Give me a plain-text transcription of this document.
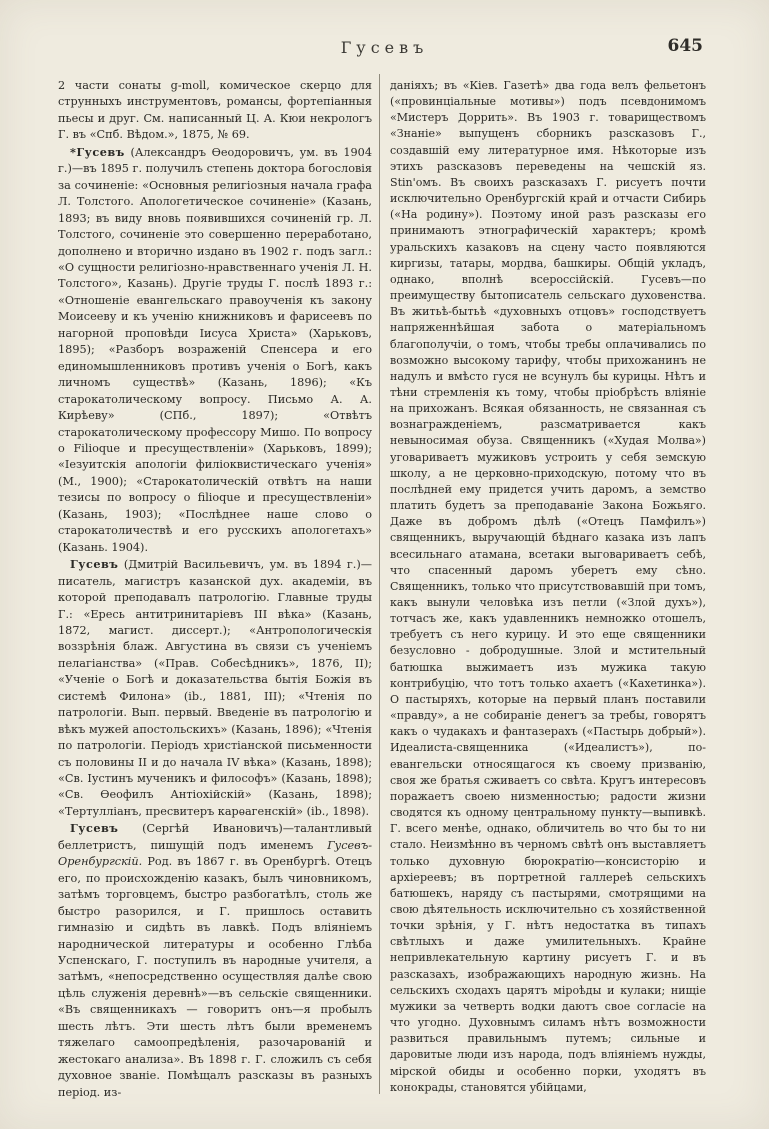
Гусевъ	645

2 части сонаты g-moll, комическое скерцо для струнныхъ инструментовъ, романсы, фортепіанныя пьесы и друг. См. написанный Ц. А. Кюи некрологъ Г. въ «Спб. Вѣдом.», 1875, № 69.

*Гусевъ (Александръ Өеодоровичъ, ум. въ 1904 г.)—въ 1895 г. получилъ степень доктора богословія за сочиненіе: «Основныя религіозныя начала графа Л. Толстого. Апологетическое сочиненіе» (Казань, 1893; въ виду вновь появившихся сочиненій гр. Л. Толстого, сочиненіе это совершенно переработано, дополнено и вторично издано въ 1902 г. подъ загл.: «О сущности религіозно-нравственнаго ученія Л. Н. Толстого», Казань). Другіе труды Г. послѣ 1893 г.: «Отношеніе евангельскаго правоученія къ закону Моисееву и къ ученію книжниковъ и фарисеевъ по нагорной проповѣди Іисуса Христа» (Харьковъ, 1895); «Разборъ возраженій Спенсера и его единомышленниковъ противъ ученія о Богѣ, какъ личномъ существѣ» (Казань, 1896); «Къ старокатолическому вопросу. Письмо А. А. Кирѣеву» (СПб., 1897); «Отвѣтъ старокатолическому профессору Мишо. По вопросу о Filioque и пресуществленіи» (Харьковъ, 1899); «Іезуитскія апологіи филіоквистическаго ученія» (М., 1900); «Старокатолическій отвѣтъ на наши тезисы по вопросу о filioque и пресуществленіи» (Казань, 1903); «Послѣднее наше слово о старокатоличествѣ и его русскихъ апологетахъ» (Казань. 1904).

Гусевъ (Дмитрій Васильевичъ, ум. въ 1894 г.)—писатель, магистръ казанской дух. академіи, въ которой преподавалъ патрологію. Главные труды Г.: «Ересь антитринитаріевъ III вѣка» (Казань, 1872, магист. диссерт.); «Антропологическія воззрѣнія блаж. Августина въ связи съ ученіемъ пелагіанства» («Прав. Собесѣдникъ», 1876, II); «Ученіе о Богѣ и доказательства бытія Божія въ системѣ Филона» (ib., 1881, III); «Чтенія по патрологіи. Вып. первый. Введеніе въ патрологію и вѣкъ мужей апостольскихъ» (Казань, 1896); «Чтенія по патрологіи. Періодъ христіанской письменности съ половины II и до начала IV вѣка» (Казань, 1898); «Св. Іустинъ мученикъ и философъ» (Казань, 1898); «Св. Өеофилъ Антіохійскій» (Казань, 1898); «Тертулліанъ, пресвитеръ карѳагенскій» (ib., 1898).

Гусевъ (Сергѣй Ивановичъ)—талантливый беллетристъ, пишущій подъ именемъ Гусевъ-Оренбургскій. Род. въ 1867 г. въ Оренбургѣ. Отецъ его, по происхожденію казакъ, былъ чиновникомъ, затѣмъ торговцемъ, быстро разбогатѣлъ, столь же быстро разорился, и Г. пришлось оставить гимназію и сидѣть въ лавкѣ. Подъ вліяніемъ народнической литературы и особенно Глѣба Успенскаго, Г. поступилъ въ народные учителя, а затѣмъ, «непосредственно осуществляя далѣе свою цѣль служенія деревнѣ»—въ сельскіе священники. «Въ священникахъ — говоритъ онъ—я пробылъ шесть лѣтъ. Эти шесть лѣтъ были временемъ тяжелаго самоопредѣленія, разочарованій и жестокаго анализа». Въ 1898 г. Г. сложилъ съ себя духовное званіе. Помѣщалъ разсказы въ разныхъ період. из-

даніяхъ; въ «Кіев. Газетѣ» два года велъ фельетонъ («провинціальные мотивы») подъ псевдонимомъ «Мистеръ Доррить». Въ 1903 г. товариществомъ «Знаніе» выпущенъ сборникъ разсказовъ Г., создавшій ему литературное имя. Нѣкоторые изъ этихъ разсказовъ переведены на чешскій яз. Stin'омъ. Въ своихъ разсказахъ Г. рисуетъ почти исключительно Оренбургскій край и отчасти Сибирь («На родину»). Поэтому иной разъ разсказы его принимаютъ этнографическій характеръ; кромѣ уральскихъ казаковъ на сцену часто появляются киргизы, татары, мордва, башкиры. Общій укладъ, однако, вполнѣ всероссійскій. Гусевъ—по преимуществу бытописатель сельскаго духовенства. Въ житьѣ-бытьѣ «духовныхъ отцовъ» господствуетъ напряженнѣйшая забота о матеріальномъ благополучіи, о томъ, чтобы требы оплачивались по возможно высокому тарифу, чтобы прихожанинъ не надулъ и вмѣсто гуся не всунулъ бы курицы. Нѣтъ и тѣни стремленія къ тому, чтобы пріобрѣсть вліяніе на прихожанъ. Всякая обязанность, не связанная съ вознагражденіемъ, разсматривается какъ невыносимая обуза. Священникъ («Худая Молва») уговариваетъ мужиковъ устроить у себя земскую школу, а не церковно-приходскую, потому что въ послѣдней ему придется учить даромъ, а земство платить будетъ за преподаваніе Закона Божьяго. Даже въ добромъ дѣлѣ («Отецъ Памфилъ») священникъ, выручающій бѣднаго казака изъ лапъ всесильнаго атамана, всетаки выговариваетъ себѣ, что спасенный даромъ уберетъ ему сѣно. Священникъ, только что присутствовавшій при томъ, какъ вынули человѣка изъ петли («Злой духъ»), тотчасъ же, какъ удавленникъ немножко отошелъ, требуетъ съ него курицу. И это еще священники безусловно - добродушные. Злой и мстительный батюшка выжимаетъ изъ мужика такую контрибуцію, что тотъ только ахаетъ («Кахетинка»). О пастыряхъ, которые на первый планъ поставили «правду», а не собираніе денегъ за требы, говорятъ какъ о чудакахъ и фантазерахъ («Пастырь добрый»). Идеалиста-священника («Идеалистъ»), по-евангельски относящагося къ своему призванію, своя же братья сживаетъ со свѣта. Кругъ интересовъ поражаетъ своею низменностью; радости жизни сводятся къ одному центральному пункту—выпивкѣ. Г. всего менѣе, однако, обличитель во что бы то ни стало. Неизмѣнно въ черномъ свѣтѣ онъ выставляетъ только духовную бюрократію—консисторію и архіереевъ; въ портретной галлереѣ сельскихъ батюшекъ, наряду съ пастырями, смотрящими на свою дѣятельность исключительно съ хозяйственной точки зрѣнія, у Г. нѣтъ недостатка въ типахъ свѣтлыхъ и даже умилительныхъ. Крайне непривлекательную картину рисуетъ Г. и въ разсказахъ, изображающихъ народную жизнь. На сельскихъ сходахъ царятъ міроѣды и кулаки; нищіе мужики за четверть водки даютъ свое согласіе на что угодно. Духовнымъ силамъ нѣтъ возможности развиться правильнымъ путемъ; сильные и даровитые люди изъ народа, подъ вліяніемъ нужды, мірской обиды и особенно порки, уходятъ въ конокрады, становятся убійцами,
